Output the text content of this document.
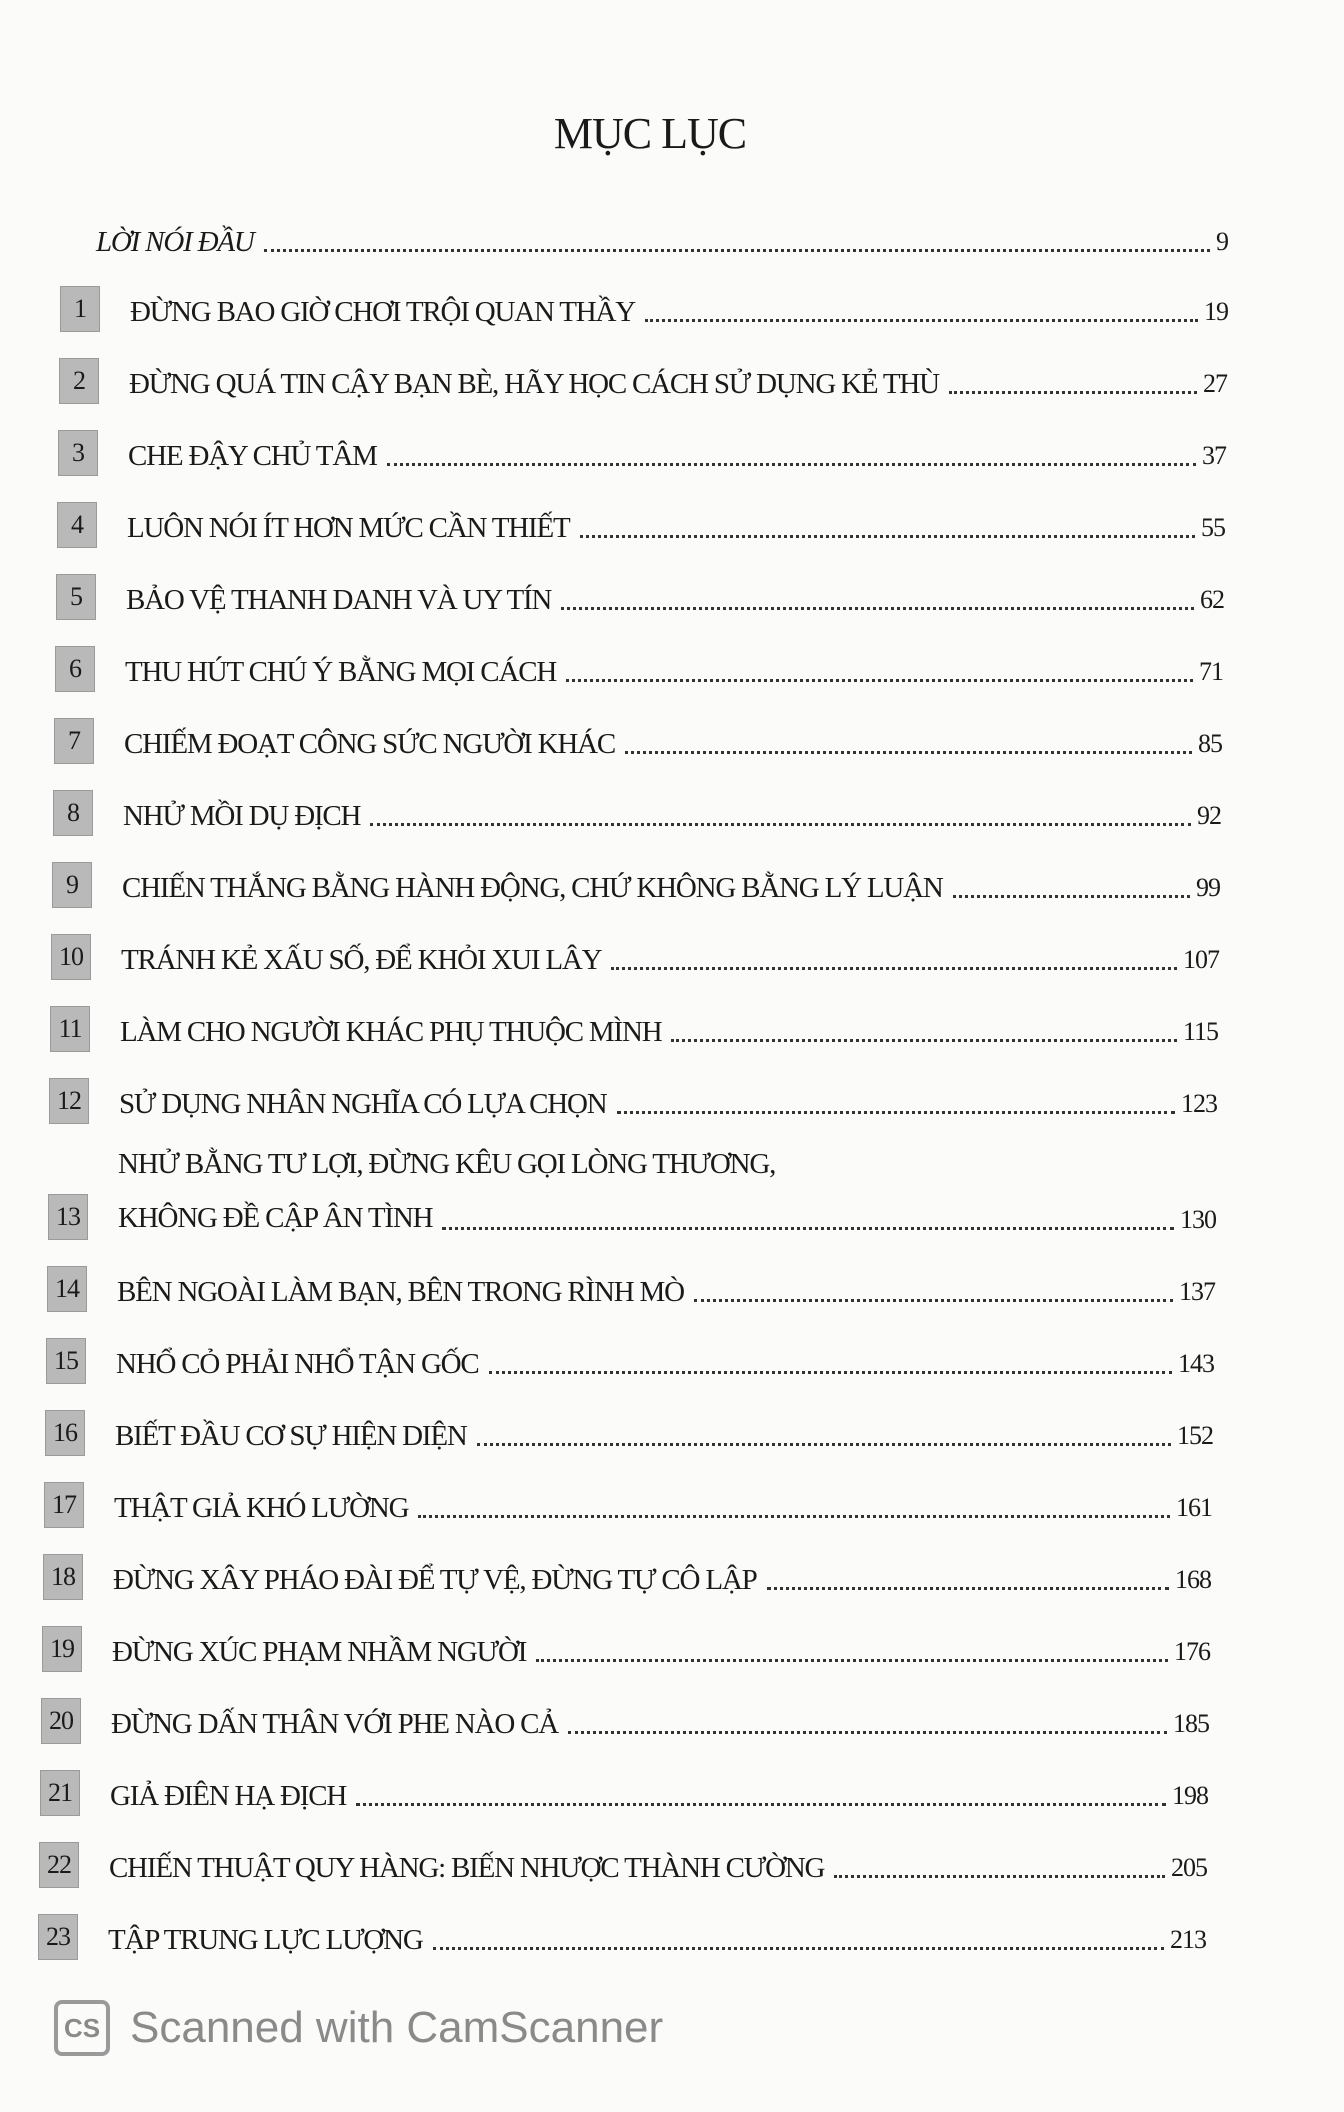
MỤC LỤC
LỜI NÓI ĐẦU	9
1	ĐỪNG BAO GIỜ CHƠI TRỘI QUAN THẦY	19
2	ĐỪNG QUÁ TIN CẬY BẠN BÈ, HÃY HỌC CÁCH SỬ DỤNG KẺ THÙ	27
3	CHE ĐẬY CHỦ TÂM	37
4	LUÔN NÓI ÍT HƠN MỨC CẦN THIẾT	55
5	BẢO VỆ THANH DANH VÀ UY TÍN	62
6	THU HÚT CHÚ Ý BẰNG MỌI CÁCH	71
7	CHIẾM ĐOẠT CÔNG SỨC NGƯỜI KHÁC	85
8	NHỬ MỒI DỤ ĐỊCH	92
9	CHIẾN THẮNG BẰNG HÀNH ĐỘNG, CHỨ KHÔNG BẰNG LÝ LUẬN	99
10 TRÁNH KẺ XẤU SỐ, ĐỂ KHỎI XUI LÂY	107
11 LÀM CHO NGƯỜI KHÁC PHỤ THUỘC MÌNH	115
12 SỬ DỤNG NHÂN NGHĨA CÓ LỰA CHỌN	123
NHỬ BẰNG TƯ LỢI, ĐỪNG KÊU GỌI LÒNG THƯƠNG,
13 KHÔNG ĐỀ CẬP ÂN TÌNH	130
14 BÊN NGOÀI LÀM BẠN, BÊN TRONG RÌNH MÒ	137
15 NHỔ CỎ PHẢI NHỔ TẬN GỐC	143
16 BIẾT ĐẦU CƠ SỰ HIỆN DIỆN	152
17 THẬT GIẢ KHÓ LƯỜNG	161
18 ĐỪNG XÂY PHÁO ĐÀI ĐỂ TỰ VỆ, ĐỪNG TỰ CÔ LẬP	168
19 ĐỪNG XÚC PHẠM NHẦM NGƯỜI	176
20 ĐỪNG DẤN THÂN VỚI PHE NÀO CẢ	185
21 GIẢ ĐIÊN HẠ ĐỊCH	198
22 CHIẾN THUẬT QUY HÀNG: BIẾN NHƯỢC THÀNH CƯỜNG	205
23 TẬP TRUNG LỰC LƯỢNG	213
CS Scanned with CamScanner
